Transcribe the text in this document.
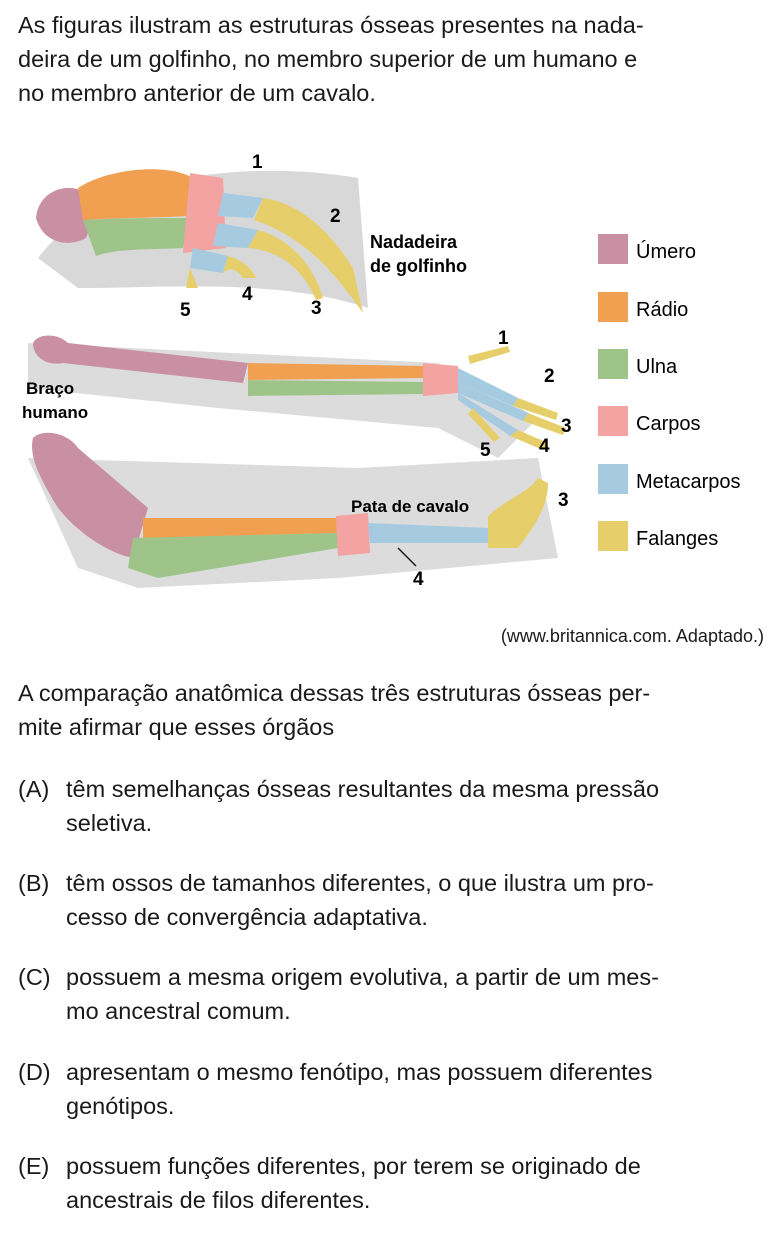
As figuras ilustram as estruturas ósseas presentes na nada-
deira de um golfinho, no membro superior de um humano e
no membro anterior de um cavalo.

Nadadeira
de golfinho
1
2
3
4
5
Braço
humano
1
2
3
4
5
Pata de cavalo	3
4
Úmero
Rádio
Ulna
Carpos
Metacarpos
Falanges
(www.britannica.com. Adaptado.)

A comparação anatômica dessas três estruturas ósseas per-
mite afirmar que esses órgãos

(A) têm semelhanças ósseas resultantes da mesma pressão
seletiva.
(B) têm ossos de tamanhos diferentes, o que ilustra um pro-
cesso de convergência adaptativa.
(C) possuem a mesma origem evolutiva, a partir de um mes-
mo ancestral comum.
(D) apresentam o mesmo fenótipo, mas possuem diferentes
genótipos.
(E) possuem funções diferentes, por terem se originado de
ancestrais de filos diferentes.
